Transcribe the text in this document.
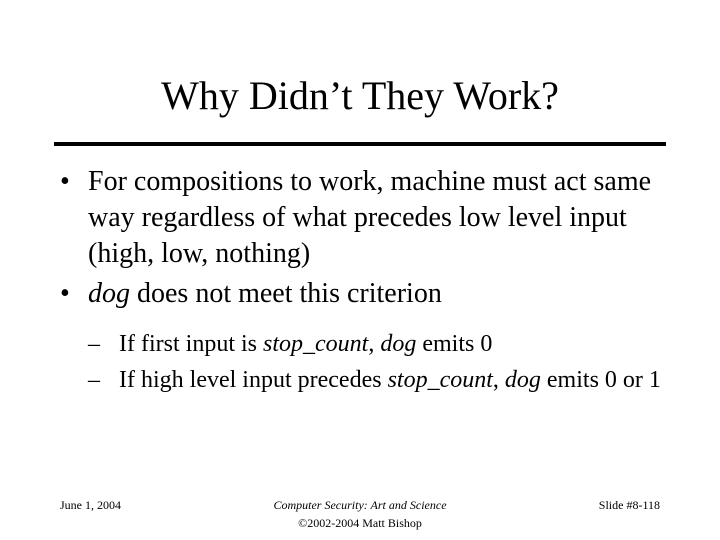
Why Didn’t They Work?
• For compositions to work, machine must act same way regardless of what precedes low level input (high, low, nothing)
• dog does not meet this criterion
– If first input is stop_count, dog emits 0
– If high level input precedes stop_count, dog emits 0 or 1
June 1, 2004	Computer Security: Art and Science
©2002-2004 Matt Bishop
Slide #8-118
